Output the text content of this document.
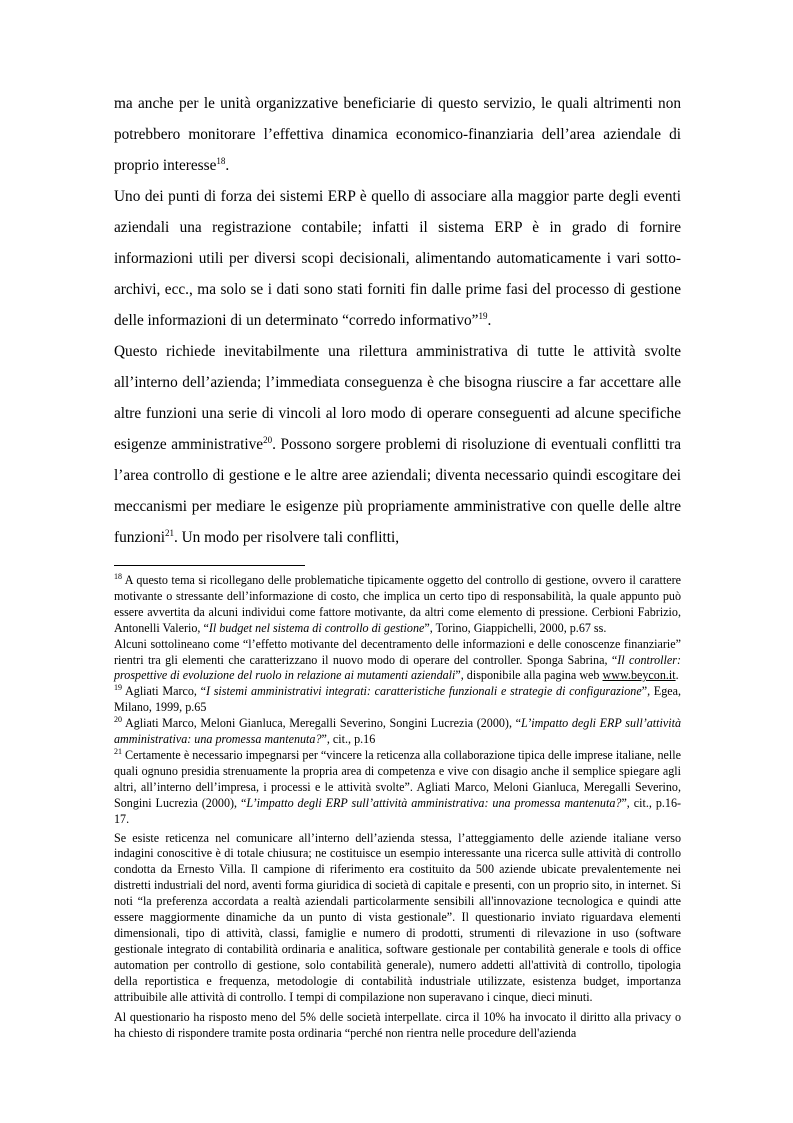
ma anche per le unità organizzative beneficiarie di questo servizio, le quali altrimenti non potrebbero monitorare l’effettiva dinamica economico-finanziaria dell’area aziendale di proprio interesse$^{18}$.

Uno dei punti di forza dei sistemi ERP è quello di associare alla maggior parte degli eventi aziendali una registrazione contabile; infatti il sistema ERP è in grado di fornire informazioni utili per diversi scopi decisionali, alimentando automaticamente i vari sotto-archivi, ecc., ma solo se i dati sono stati forniti fin dalle prime fasi del processo di gestione delle informazioni di un determinato “corredo informativo”$^{19}$.

Questo richiede inevitabilmente una rilettura amministrativa di tutte le attività svolte all’interno dell’azienda; l’immediata conseguenza è che bisogna riuscire a far accettare alle altre funzioni una serie di vincoli al loro modo di operare conseguenti ad alcune specifiche esigenze amministrative$^{20}$. Possono sorgere problemi di risoluzione di eventuali conflitti tra l’area controllo di gestione e le altre aree aziendali; diventa necessario quindi escogitare dei meccanismi per mediare le esigenze più propriamente amministrative con quelle delle altre funzioni$^{21}$. Un modo per risolvere tali conflitti,

$^{18}$ A questo tema si ricollegano delle problematiche tipicamente oggetto del controllo di gestione, ovvero il carattere motivante o stressante dell’informazione di costo, che implica un certo tipo di responsabilità, la quale appunto può essere avvertita da alcuni individui come fattore motivante, da altri come elemento di pressione. Cerbioni Fabrizio, Antonelli Valerio, “Il budget nel sistema di controllo di gestione”, Torino, Giappichelli, 2000, p.67 ss.

Alcuni sottolineano come “l’effetto motivante del decentramento delle informazioni e delle conoscenze finanziarie” rientri tra gli elementi che caratterizzano il nuovo modo di operare del controller. Sponga Sabrina, “Il controller: prospettive di evoluzione del ruolo in relazione ai mutamenti aziendali”, disponibile alla pagina web www.beycon.it.

$^{19}$ Agliati Marco, “I sistemi amministrativi integrati: caratteristiche funzionali e strategie di configurazione”, Egea, Milano, 1999, p.65

$^{20}$ Agliati Marco, Meloni Gianluca, Meregalli Severino, Songini Lucrezia (2000), “L’impatto degli ERP sull’attività amministrativa: una promessa mantenuta?”, cit., p.16

$^{21}$ Certamente è necessario impegnarsi per “vincere la reticenza alla collaborazione tipica delle imprese italiane, nelle quali ognuno presidia strenuamente la propria area di competenza e vive con disagio anche il semplice spiegare agli altri, all’interno dell’impresa, i processi e le attività svolte”. Agliati Marco, Meloni Gianluca, Meregalli Severino, Songini Lucrezia (2000), “L’impatto degli ERP sull’attività amministrativa: una promessa mantenuta?”, cit., p.16-17.

Se esiste reticenza nel comunicare all’interno dell’azienda stessa, l’atteggiamento delle aziende italiane verso indagini conoscitive è di totale chiusura; ne costituisce un esempio interessante una ricerca sulle attività di controllo condotta da Ernesto Villa. Il campione di riferimento era costituito da 500 aziende ubicate prevalentemente nei distretti industriali del nord, aventi forma giuridica di società di capitale e presenti, con un proprio sito, in internet. Si noti “la preferenza accordata a realtà aziendali particolarmente sensibili all'innovazione tecnologica e quindi atte essere maggiormente dinamiche da un punto di vista gestionale”. Il questionario inviato riguardava elementi dimensionali, tipo di attività, classi, famiglie e numero di prodotti, strumenti di rilevazione in uso (software gestionale integrato di contabilità ordinaria e analitica, software gestionale per contabilità generale e tools di office automation per controllo di gestione, solo contabilità generale), numero addetti all'attività di controllo, tipologia della reportistica e frequenza, metodologie di contabilità industriale utilizzate, esistenza budget, importanza attribuibile alle attività di controllo. I tempi di compilazione non superavano i cinque, dieci minuti.

Al questionario ha risposto meno del 5% delle società interpellate. circa il 10% ha invocato il diritto alla privacy o ha chiesto di rispondere tramite posta ordinaria “perché non rientra nelle procedure dell'azienda
